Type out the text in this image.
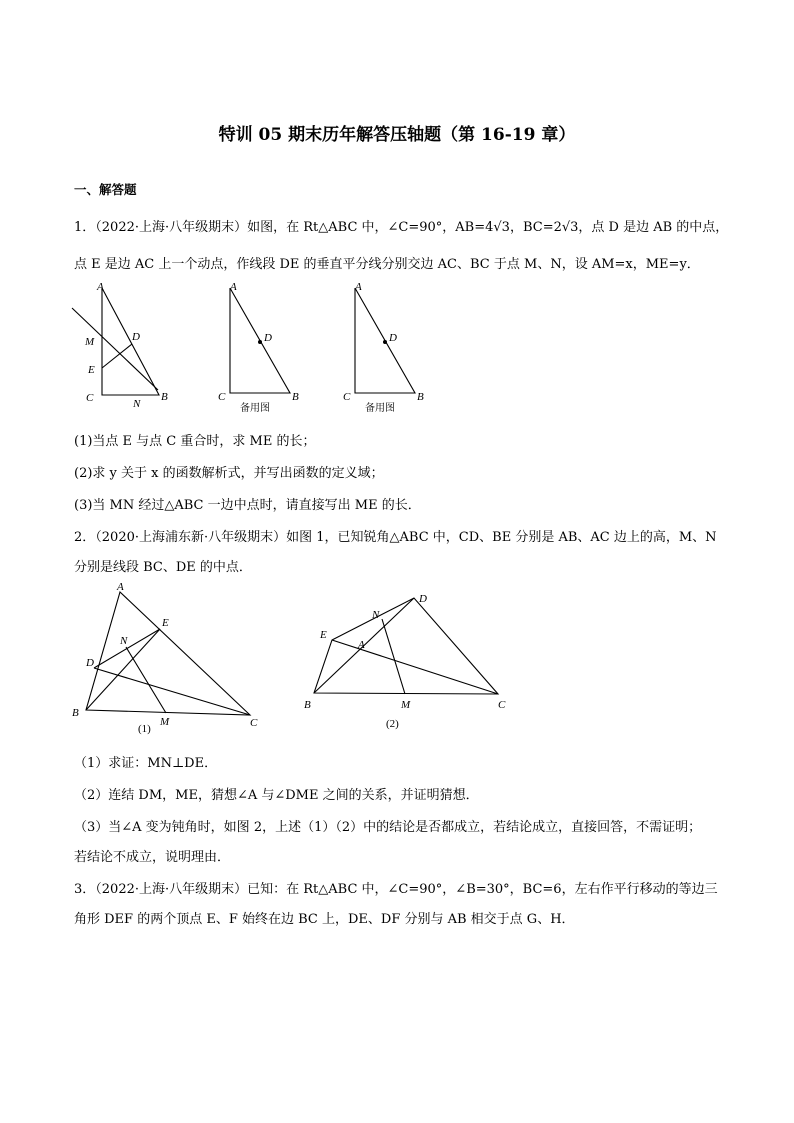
特训 05 期末历年解答压轴题（第 16-19 章）
一、解答题
1．（2022·上海·八年级期末）如图，在 Rt△ABC 中，∠C=90°，AB=4√3，BC=2√3，点 D 是边 AB 的中点，
点 E 是边 AC 上一个动点，作线段 DE 的垂直平分线分别交边 AC、BC 于点 M、N，设 AM=x，ME=y．
A
D
M
E
C	N
B
A
D
C	B
备用图
A
D
C	B
备用图
(1)当点 E 与点 C 重合时，求 ME 的长；
(2)求 y 关于 x 的函数解析式，并写出函数的定义域；
(3)当 MN 经过△ABC 一边中点时，请直接写出 ME 的长．
2．（2020·上海浦东新·八年级期末）如图 1，已知锐角△ABC 中，CD、BE 分别是 AB、AC 边上的高，M、N
分别是线段 BC、DE 的中点．
A
E
N
D
B
M	C
(1)
E
N
D
A
B	M	C
(2)
（1）求证：MN⊥DE．
（2）连结 DM，ME，猜想∠A 与∠DME 之间的关系，并证明猜想．
（3）当∠A 变为钝角时，如图 2，上述（1）（2）中的结论是否都成立，若结论成立，直接回答，不需证明；
若结论不成立，说明理由．
3．（2022·上海·八年级期末）已知：在 Rt△ABC 中，∠C=90°，∠B=30°，BC=6，左右作平行移动的等边三
角形 DEF 的两个顶点 E、F 始终在边 BC 上，DE、DF 分别与 AB 相交于点 G、H．
